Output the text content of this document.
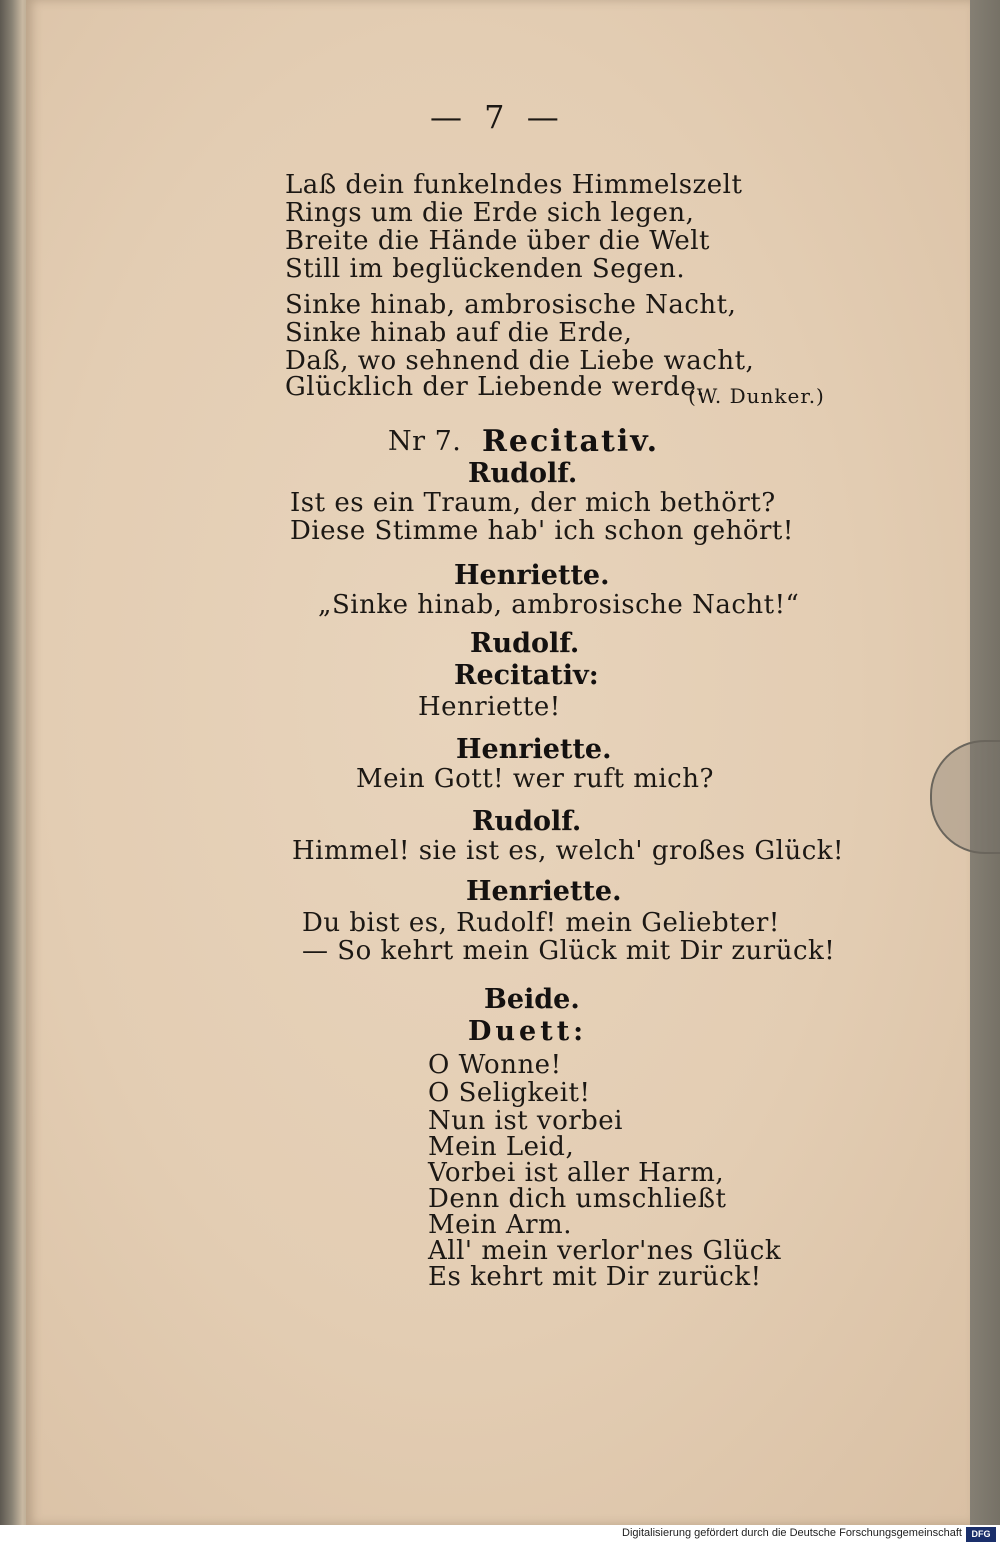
— 7 —
Laß dein funkelndes Himmelszelt
Rings um die Erde sich legen,
Breite die Hände über die Welt
Still im beglückenden Segen.
Sinke hinab, ambrosische Nacht,
Sinke hinab auf die Erde,
Daß, wo sehnend die Liebe wacht,
Glücklich der Liebende werde.
(W. Dunker.)
Nr 7. Recitativ.
Rudolf.
Ist es ein Traum, der mich bethört?
Diese Stimme hab' ich schon gehört!
Henriette.
„Sinke hinab, ambrosische Nacht!“
Rudolf.
Recitativ:
Henriette!
Henriette.
Mein Gott! wer ruft mich?
Rudolf.
Himmel! sie ist es, welch' großes Glück!
Henriette.
Du bist es, Rudolf! mein Geliebter!
— So kehrt mein Glück mit Dir zurück!
Beide.
Duett:
O Wonne!
O Seligkeit!
Nun ist vorbei
Mein Leid,
Vorbei ist aller Harm,
Denn dich umschließt
Mein Arm.
All' mein verlor'nes Glück
Es kehrt mit Dir zurück!
Digitalisierung gefördert durch die Deutsche Forschungsgemeinschaft	DFG
